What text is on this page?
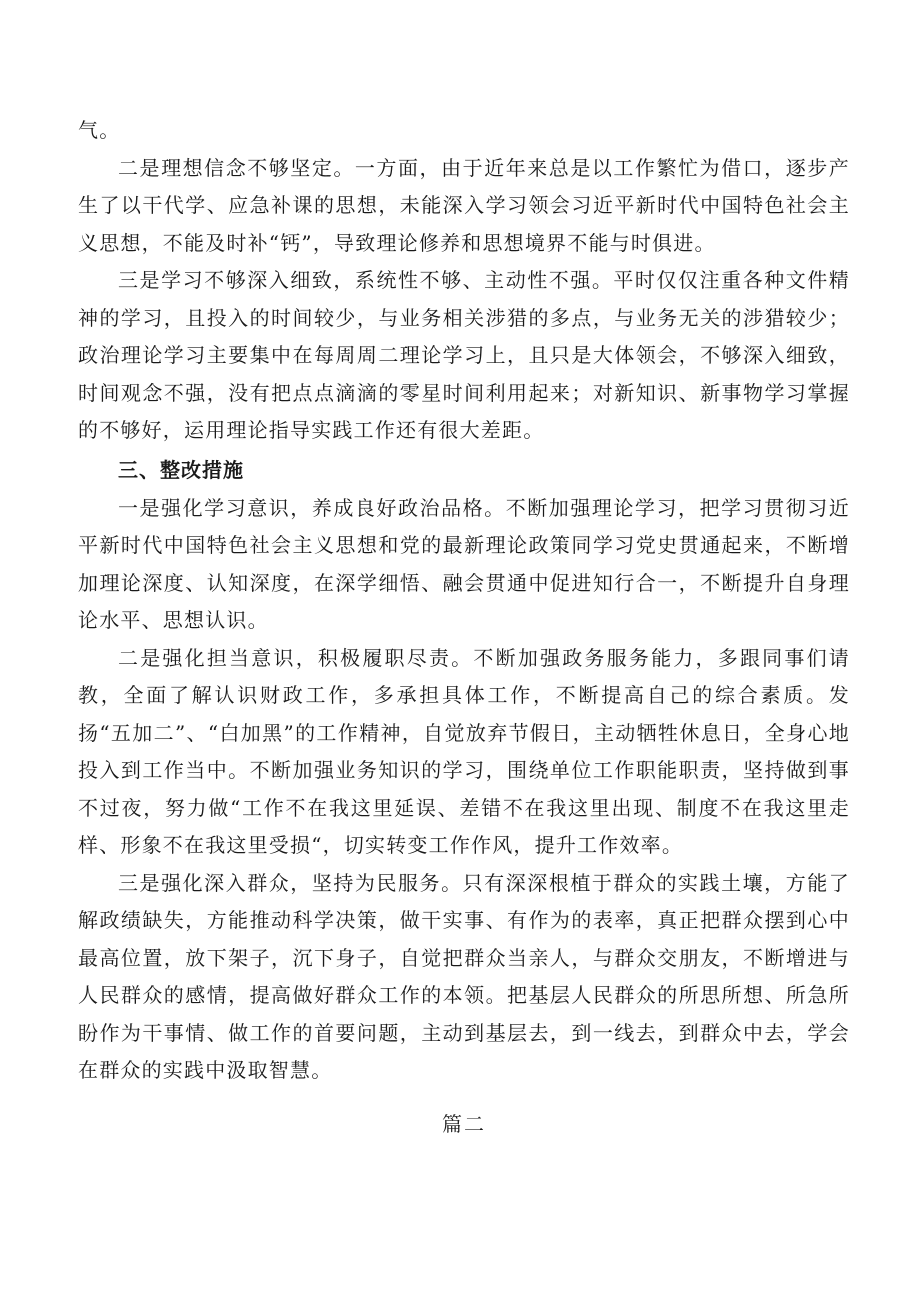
气。

二是理想信念不够坚定。一方面，由于近年来总是以工作繁忙为借口，逐步产生了以干代学、应急补课的思想，未能深入学习领会习近平新时代中国特色社会主义思想，不能及时补“钙”，导致理论修养和思想境界不能与时俱进。

三是学习不够深入细致，系统性不够、主动性不强。平时仅仅注重各种文件精神的学习，且投入的时间较少，与业务相关涉猎的多点，与业务无关的涉猎较少；政治理论学习主要集中在每周周二理论学习上，且只是大体领会，不够深入细致，时间观念不强，没有把点点滴滴的零星时间利用起来；对新知识、新事物学习掌握的不够好，运用理论指导实践工作还有很大差距。

三、整改措施

一是强化学习意识，养成良好政治品格。不断加强理论学习，把学习贯彻习近平新时代中国特色社会主义思想和党的最新理论政策同学习党史贯通起来，不断增加理论深度、认知深度，在深学细悟、融会贯通中促进知行合一，不断提升自身理论水平、思想认识。

二是强化担当意识，积极履职尽责。不断加强政务服务能力，多跟同事们请教，全面了解认识财政工作，多承担具体工作，不断提高自己的综合素质。发扬“五加二”、“白加黑”的工作精神，自觉放弃节假日，主动牺牲休息日，全身心地投入到工作当中。不断加强业务知识的学习，围绕单位工作职能职责，坚持做到事不过夜，努力做“工作不在我这里延误、差错不在我这里出现、制度不在我这里走样、形象不在我这里受损“，切实转变工作作风，提升工作效率。

三是强化深入群众，坚持为民服务。只有深深根植于群众的实践土壤，方能了解政绩缺失，方能推动科学决策，做干实事、有作为的表率，真正把群众摆到心中最高位置，放下架子，沉下身子，自觉把群众当亲人，与群众交朋友，不断增进与人民群众的感情，提高做好群众工作的本领。把基层人民群众的所思所想、所急所盼作为干事情、做工作的首要问题，主动到基层去，到一线去，到群众中去，学会在群众的实践中汲取智慧。

篇二
